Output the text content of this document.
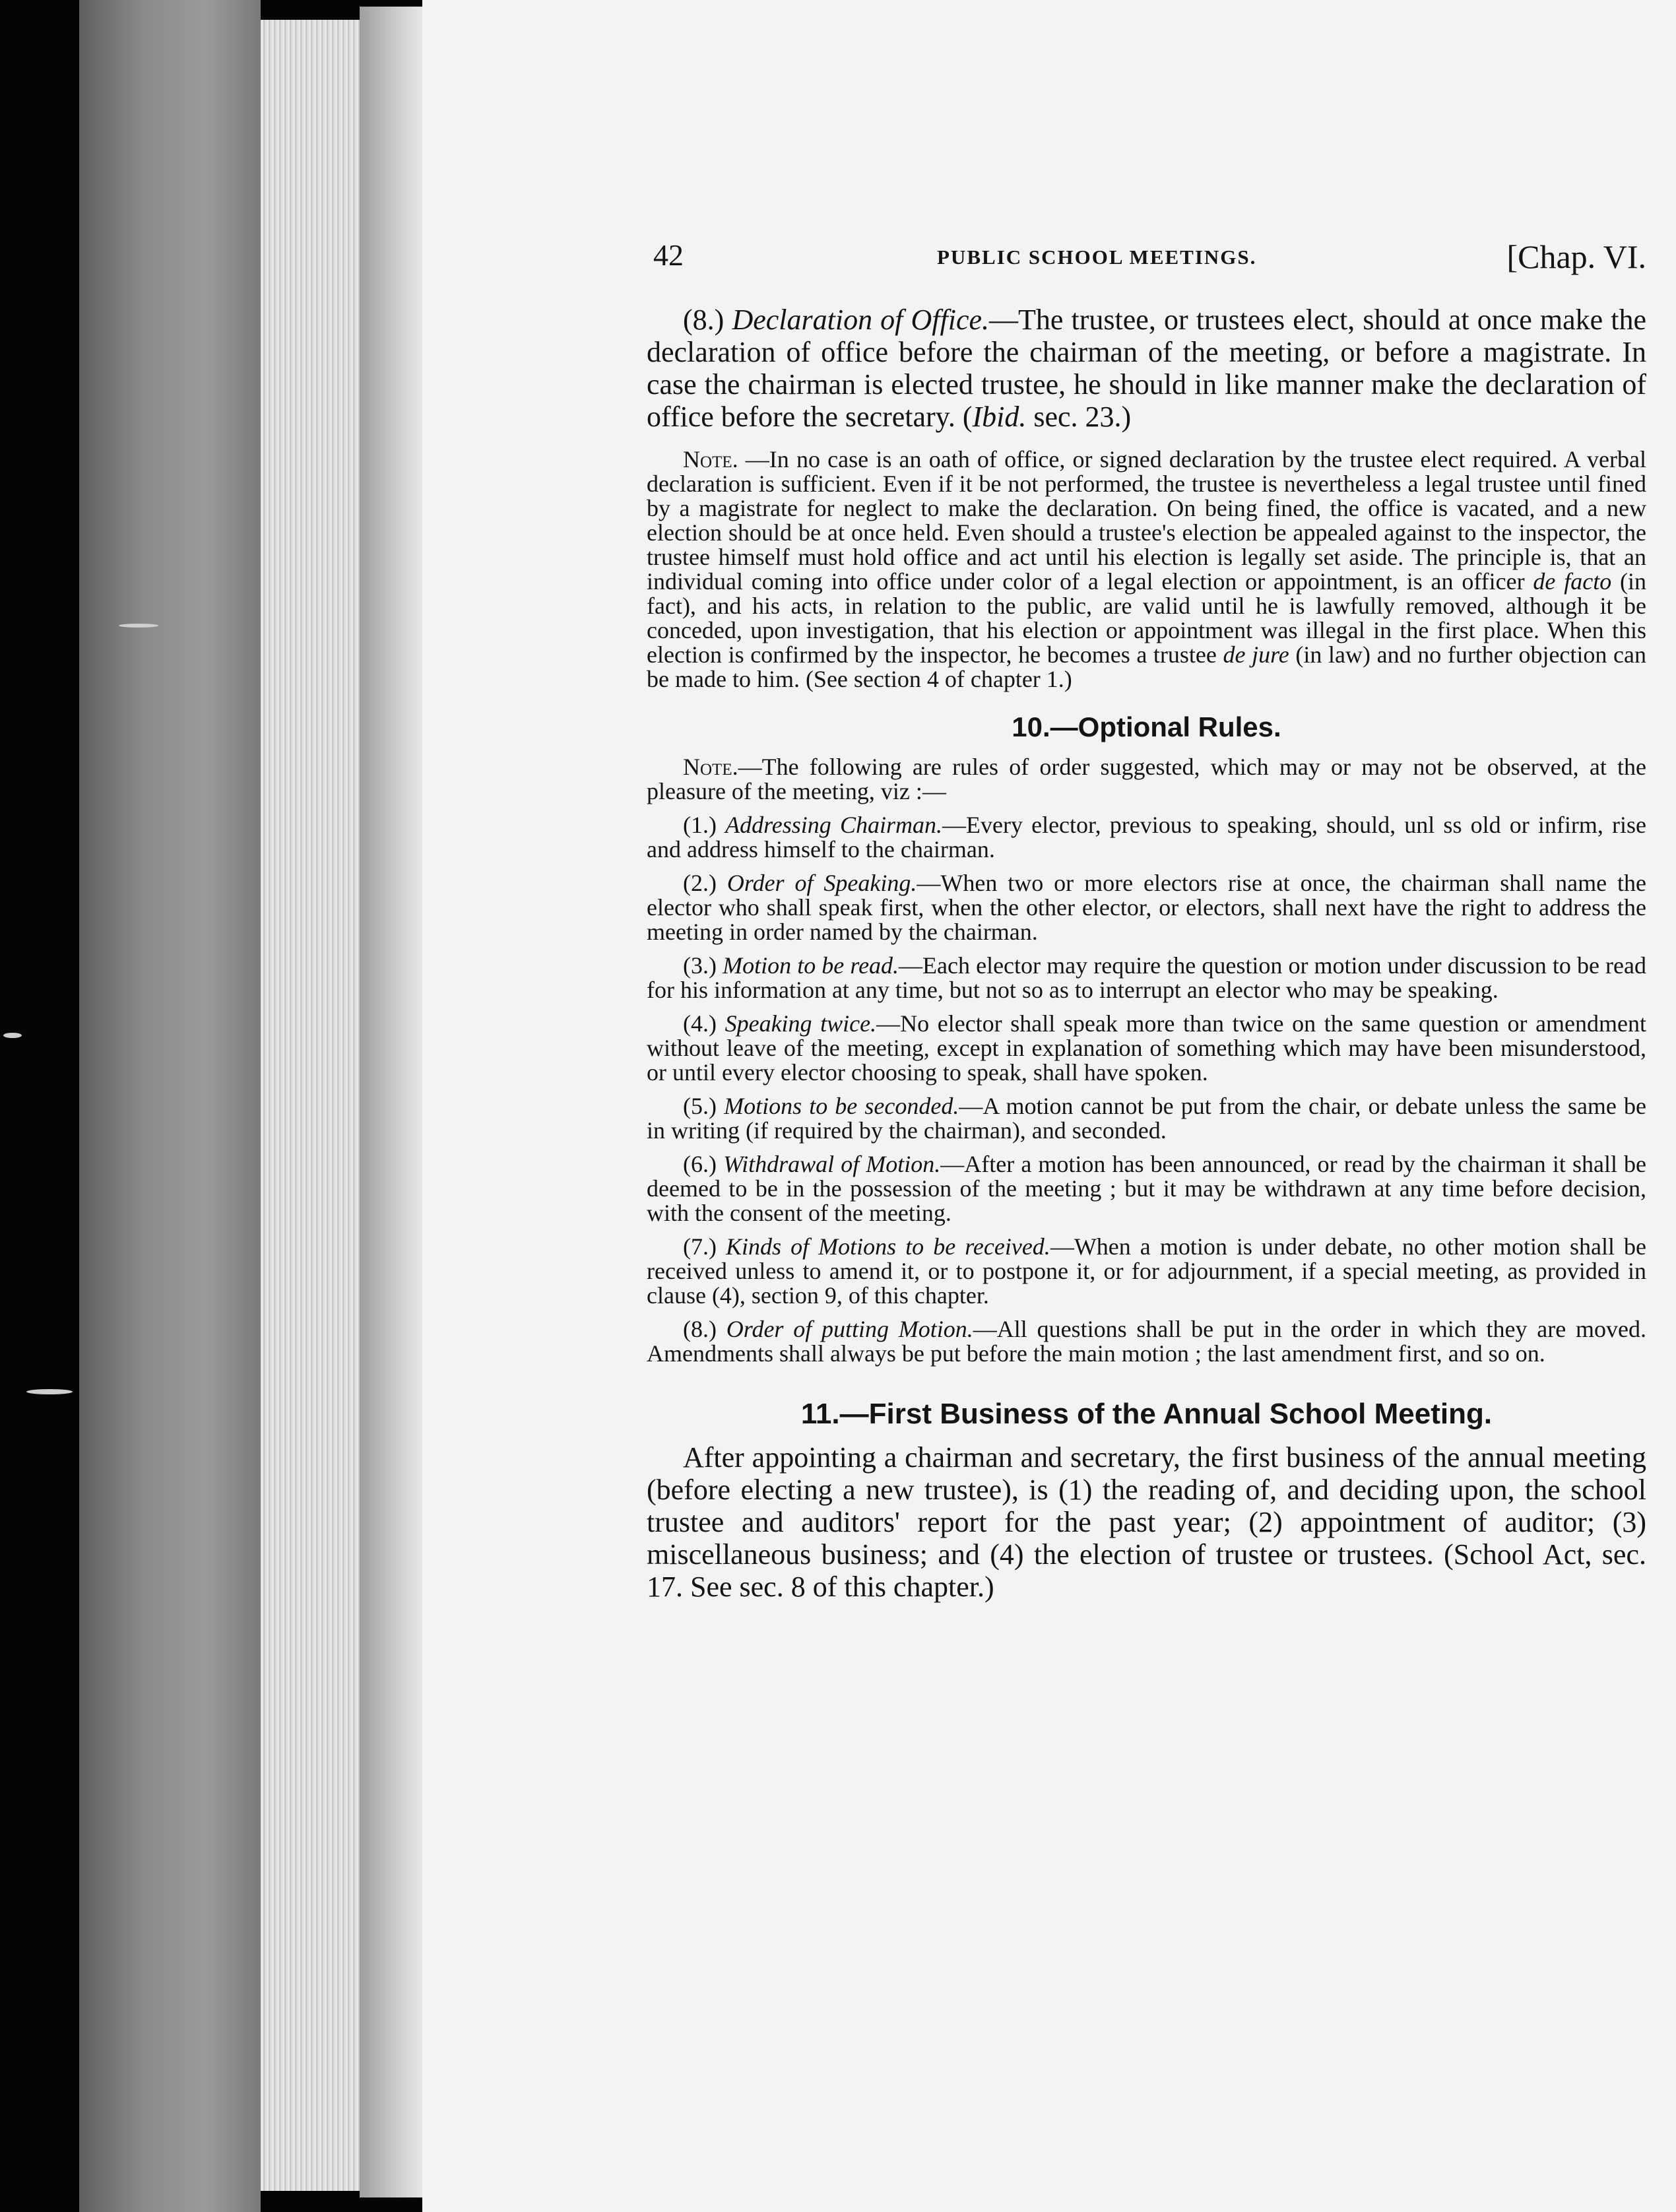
42	PUBLIC SCHOOL MEETINGS.	[Chap. VI.

(8.) Declaration of Office.—The trustee, or trustees elect, should at once make the declaration of office before the chairman of the meeting, or before a magistrate. In case the chairman is elected trustee, he should in like manner make the declaration of office before the secretary. (Ibid. sec. 23.)

Note. —In no case is an oath of office, or signed declaration by the trustee elect required. A verbal declaration is sufficient. Even if it be not performed, the trustee is nevertheless a legal trustee until fined by a magistrate for neglect to make the declaration. On being fined, the office is vacated, and a new election should be at once held. Even should a trustee's election be appealed against to the inspector, the trustee himself must hold office and act until his election is legally set aside. The principle is, that an individual coming into office under color of a legal election or appointment, is an officer de facto (in fact), and his acts, in relation to the public, are valid until he is lawfully removed, although it be conceded, upon investigation, that his election or appointment was illegal in the first place. When this election is confirmed by the inspector, he becomes a trustee de jure (in law) and no further objection can be made to him. (See section 4 of chapter 1.)

10.—Optional Rules.

Note.—The following are rules of order suggested, which may or may not be observed, at the pleasure of the meeting, viz :—

(1.) Addressing Chairman.—Every elector, previous to speaking, should, unl ss old or infirm, rise and address himself to the chairman.

(2.) Order of Speaking.—When two or more electors rise at once, the chairman shall name the elector who shall speak first, when the other elector, or electors, shall next have the right to address the meeting in order named by the chairman.

(3.) Motion to be read.—Each elector may require the question or motion under discussion to be read for his information at any time, but not so as to interrupt an elector who may be speaking.

(4.) Speaking twice.—No elector shall speak more than twice on the same question or amendment without leave of the meeting, except in explanation of something which may have been misunderstood, or until every elector choosing to speak, shall have spoken.

(5.) Motions to be seconded.—A motion cannot be put from the chair, or debate unless the same be in writing (if required by the chairman), and seconded.

(6.) Withdrawal of Motion.—After a motion has been announced, or read by the chairman it shall be deemed to be in the possession of the meeting ; but it may be withdrawn at any time before decision, with the consent of the meeting.

(7.) Kinds of Motions to be received.—When a motion is under debate, no other motion shall be received unless to amend it, or to postpone it, or for adjournment, if a special meeting, as provided in clause (4), section 9, of this chapter.

(8.) Order of putting Motion.—All questions shall be put in the order in which they are moved. Amendments shall always be put before the main motion ; the last amendment first, and so on.

11.—First Business of the Annual School Meeting.

After appointing a chairman and secretary, the first business of the annual meeting (before electing a new trustee), is (1) the reading of, and deciding upon, the school trustee and auditors' report for the past year; (2) appointment of auditor; (3) miscellaneous business; and (4) the election of trustee or trustees. (School Act, sec. 17. See sec. 8 of this chapter.)
